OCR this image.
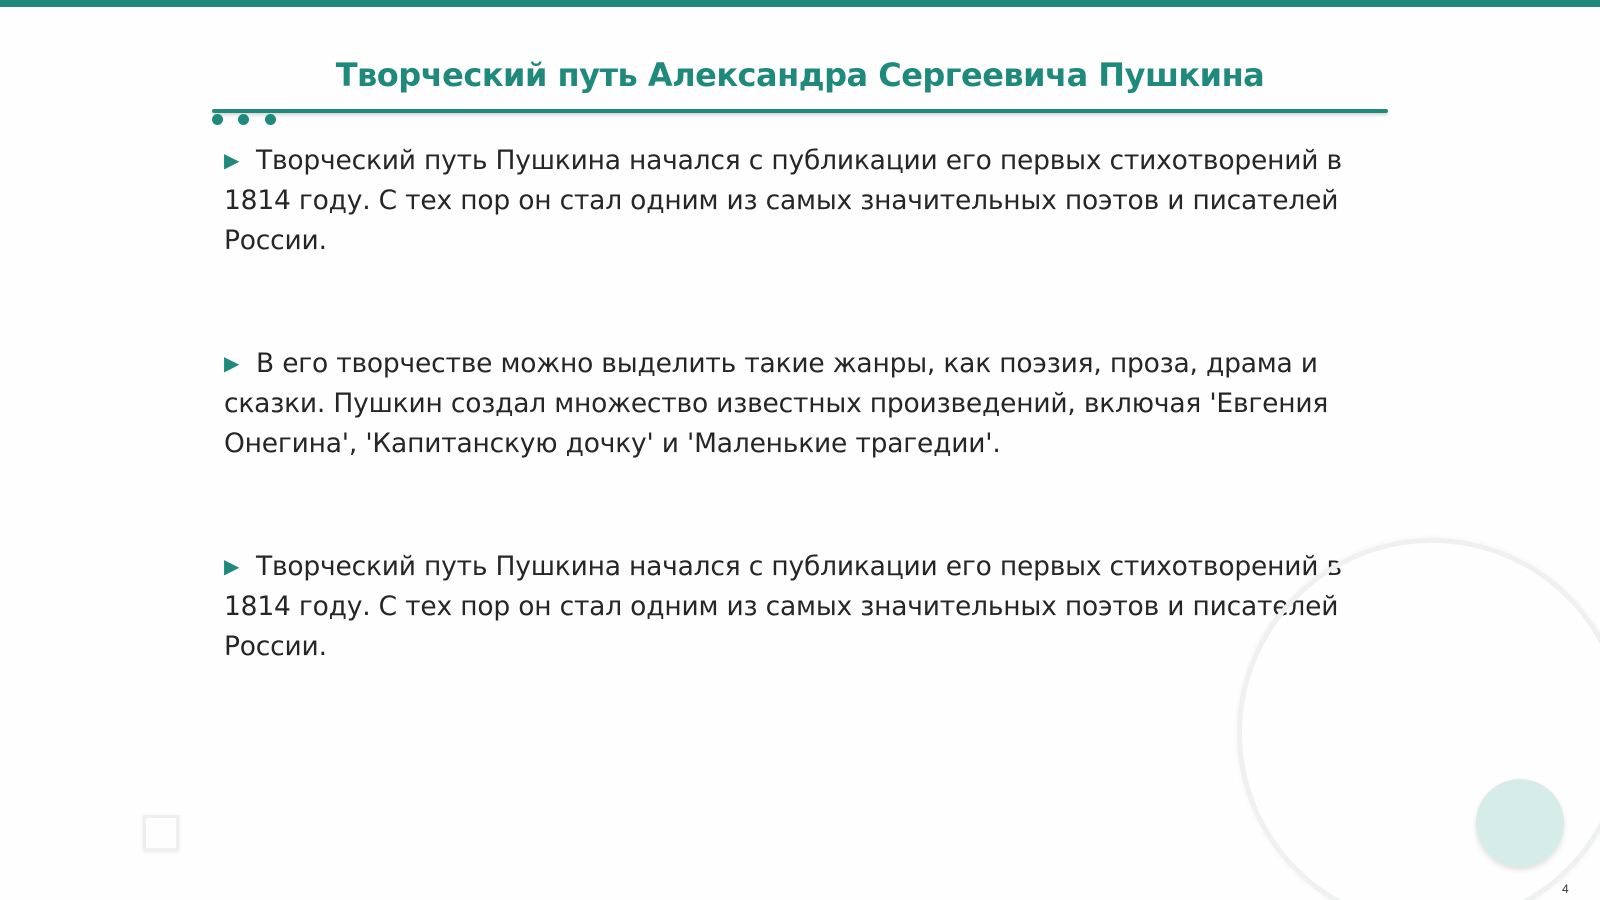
Творческий путь Александра Сергеевича Пушкина

▶ Творческий путь Пушкина начался с публикации его первых стихотворений в 1814 году. С тех пор он стал одним из самых значительных поэтов и писателей России.

▶ В его творчестве можно выделить такие жанры, как поэзия, проза, драма и сказки. Пушкин создал множество известных произведений, включая 'Евгения Онегина', 'Капитанскую дочку' и 'Маленькие трагедии'.

▶ Творческий путь Пушкина начался с публикации его первых стихотворений в 1814 году. С тех пор он стал одним из самых значительных поэтов и писателей России.

4
